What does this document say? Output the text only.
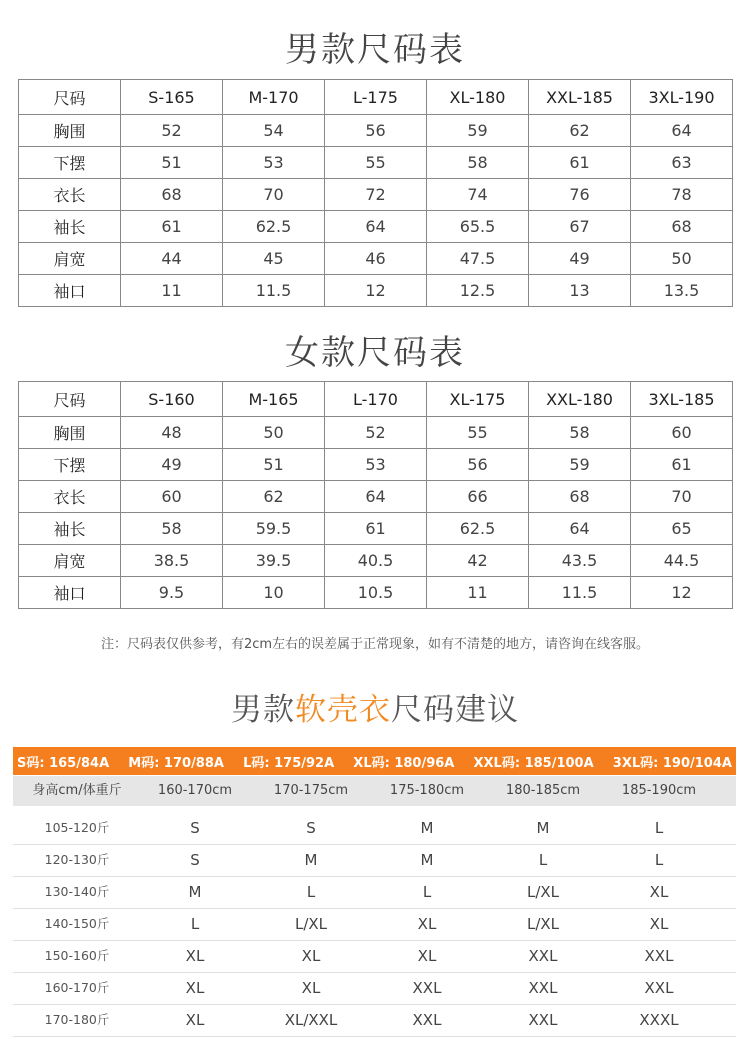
男款尺码表
尺码	S-165	M-170	L-175	XL-180	XXL-185	3XL-190
胸围	52	54	56	59	62	64
下摆	51	53	55	58	61	63
衣长	68	70	72	74	76	78
袖长	61	62.5	64	65.5	67	68
肩宽	44	45	46	47.5	49	50
袖口	11	11.5	12	12.5	13	13.5
女款尺码表
尺码	S-160	M-165	L-170	XL-175	XXL-180	3XL-185
胸围	48	50	52	55	58	60
下摆	49	51	53	56	59	61
衣长	60	62	64	66	68	70
袖长	58	59.5	61	62.5	64	65
肩宽	38.5	39.5	40.5	42	43.5	44.5
袖口	9.5	10	10.5	11	11.5	12
注：尺码表仅供参考，有2cm左右的误差属于正常现象，如有不清楚的地方，请咨询在线客服。
男款软壳衣尺码建议
S码: 165/84A M码: 170/88A L码: 175/92A XL码: 180/96A XXL码: 185/100A 3XL码: 190/104A
身高cm/体重斤	160-170cm	170-175cm	175-180cm	180-185cm	185-190cm
105-120斤	S	S	M	M	L
120-130斤	S	M	M	L	L
130-140斤	M	L	L	L/XL	XL
140-150斤	L	L/XL	XL	L/XL	XL
150-160斤	XL	XL	XL	XXL	XXL
160-170斤	XL	XL	XXL	XXL	XXL
170-180斤	XL	XL/XXL	XXL	XXL	XXXL
